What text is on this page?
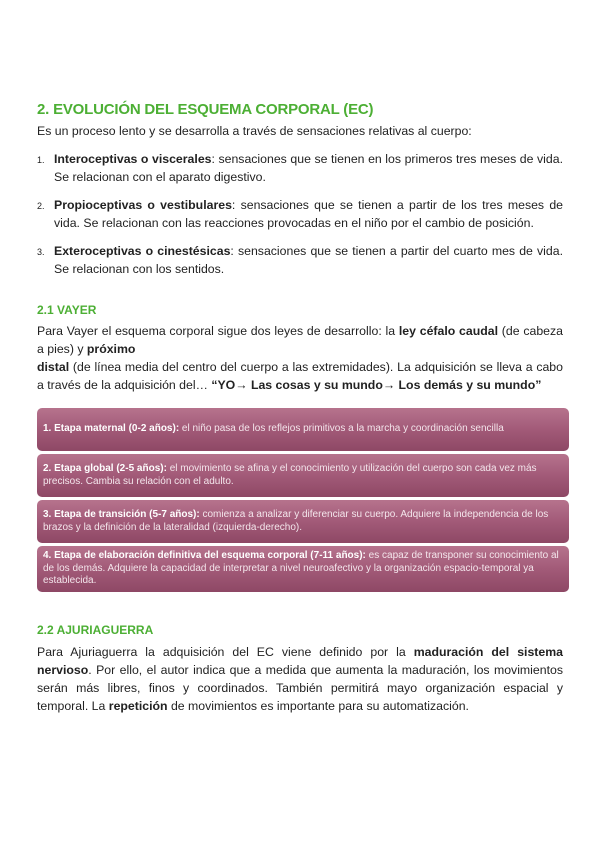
2. EVOLUCIÓN DEL ESQUEMA CORPORAL (EC)

Es un proceso lento y se desarrolla a través de sensaciones relativas al cuerpo:

1. Interoceptivas o viscerales: sensaciones que se tienen en los primeros tres meses de vida. Se relacionan con el aparato digestivo.
2. Propioceptivas o vestibulares: sensaciones que se tienen a partir de los tres meses de vida. Se relacionan con las reacciones provocadas en el niño por el cambio de posición.
3. Exteroceptivas o cinestésicas: sensaciones que se tienen a partir del cuarto mes de vida. Se relacionan con los sentidos.
2.1 VAYER

Para Vayer el esquema corporal sigue dos leyes de desarrollo: la ley céfalo caudal (de cabeza a pies) y próximo

distal (de línea media del centro del cuerpo a las extremidades). La adquisición se lleva a cabo a través de la adquisición del… “YO→ Las cosas y su mundo→ Los demás y su mundo”

1. Etapa maternal (0-2 años): el niño pasa de los reflejos primitivos a la marcha y coordinación sencilla
2. Etapa global (2-5 años): el movimiento se afina y el conocimiento y utilización del cuerpo son cada vez más precisos. Cambia su relación con el adulto.
3. Etapa de transición (5-7 años): comienza a analizar y diferenciar su cuerpo. Adquiere la independencia de los brazos y la definición de la lateralidad (izquierda-derecho).
4. Etapa de elaboración definitiva del esquema corporal (7-11 años): es capaz de transponer su conocimiento al de los demás. Adquiere la capacidad de interpretar a nivel neuroafectivo y la organización espacio-temporal ya establecida.
2.2 AJURIAGUERRA

Para Ajuriaguerra la adquisición del EC viene definido por la maduración del sistema nervioso. Por ello, el autor indica que a medida que aumenta la maduración, los movimientos serán más libres, finos y coordinados. También permitirá mayo organización espacial y temporal. La repetición de movimientos es importante para su automatización.
